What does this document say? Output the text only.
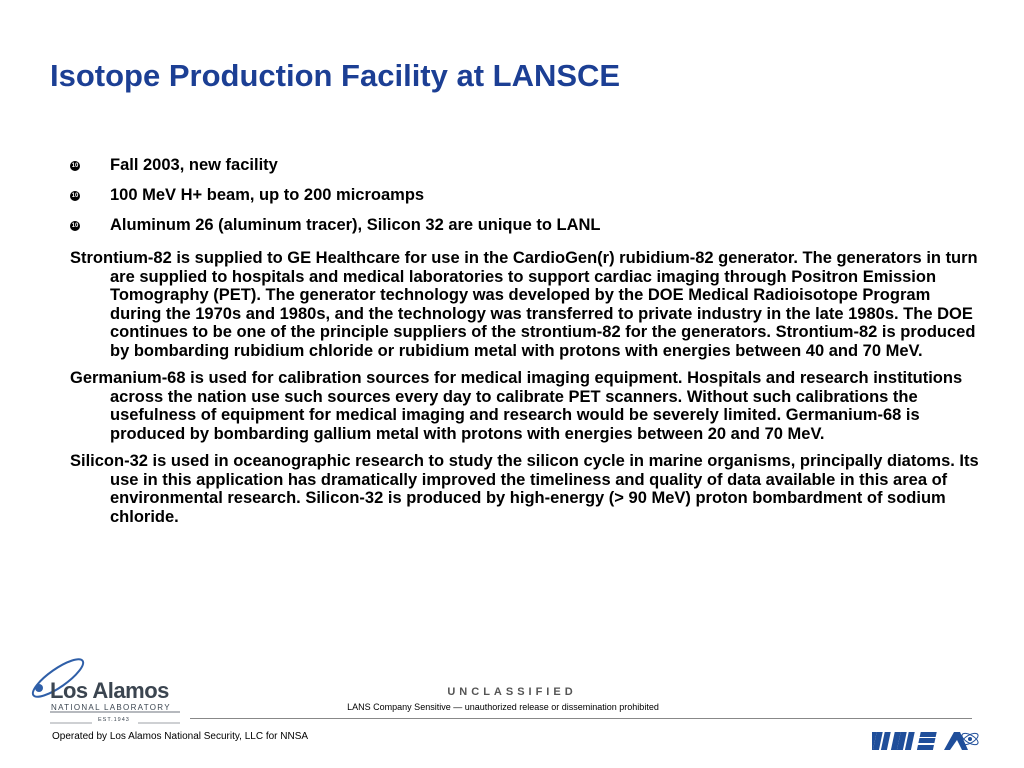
Isotope Production Facility at LANSCE
10 Fall 2003, new facility
10 100 MeV H+ beam, up to 200 microamps
10 Aluminum 26 (aluminum tracer), Silicon 32 are unique to LANL

Strontium-82 is supplied to GE Healthcare for use in the CardioGen(r) rubidium-82 generator. The generators in turn are supplied to hospitals and medical laboratories to support cardiac imaging through Positron Emission Tomography (PET). The generator technology was developed by the DOE Medical Radioisotope Program during the 1970s and 1980s, and the technology was transferred to private industry in the late 1980s. The DOE continues to be one of the principle suppliers of the strontium-82 for the generators. Strontium-82 is produced by bombarding rubidium chloride or rubidium metal with protons with energies between 40 and 70 MeV.

Germanium-68 is used for calibration sources for medical imaging equipment. Hospitals and research institutions across the nation use such sources every day to calibrate PET scanners. Without such calibrations the usefulness of equipment for medical imaging and research would be severely limited. Germanium-68 is produced by bombarding gallium metal with protons with energies between 20 and 70 MeV.

Silicon-32 is used in oceanographic research to study the silicon cycle in marine organisms, principally diatoms. Its use in this application has dramatically improved the timeliness and quality of data available in this area of environmental research. Silicon-32 is produced by high-energy (> 90 MeV) proton bombardment of sodium chloride.

Los Alamos
NATIONAL LABORATORY
EST.1943
UNCLASSIFIED
LANS Company Sensitive — unauthorized release or dissemination prohibited
Operated by Los Alamos National Security, LLC for NNSA
